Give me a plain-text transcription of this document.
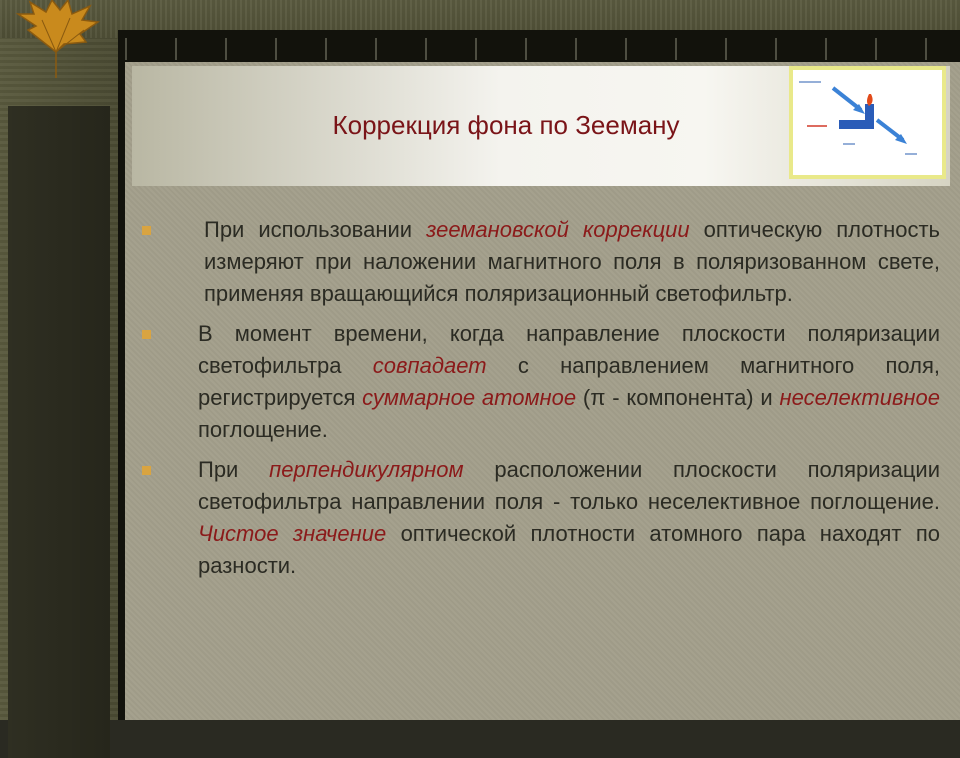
Коррекция фона по Зееману
При использовании зеемановской коррекции оптическую плотность измеряют при наложении магнитного поля в поляризованном свете, применяя вращающийся поляризационный светофильтр.
В момент времени, когда направление плоскости поляризации светофильтра совпадает с направлением магнитного поля, регистрируется суммарное атомное (π - компонента) и неселективное поглощение.
При перпендикулярном расположении плоскости поляризации светофильтра направлении поля - только неселективное поглощение. Чистое значение оптической плотности атомного пара находят по разности.
